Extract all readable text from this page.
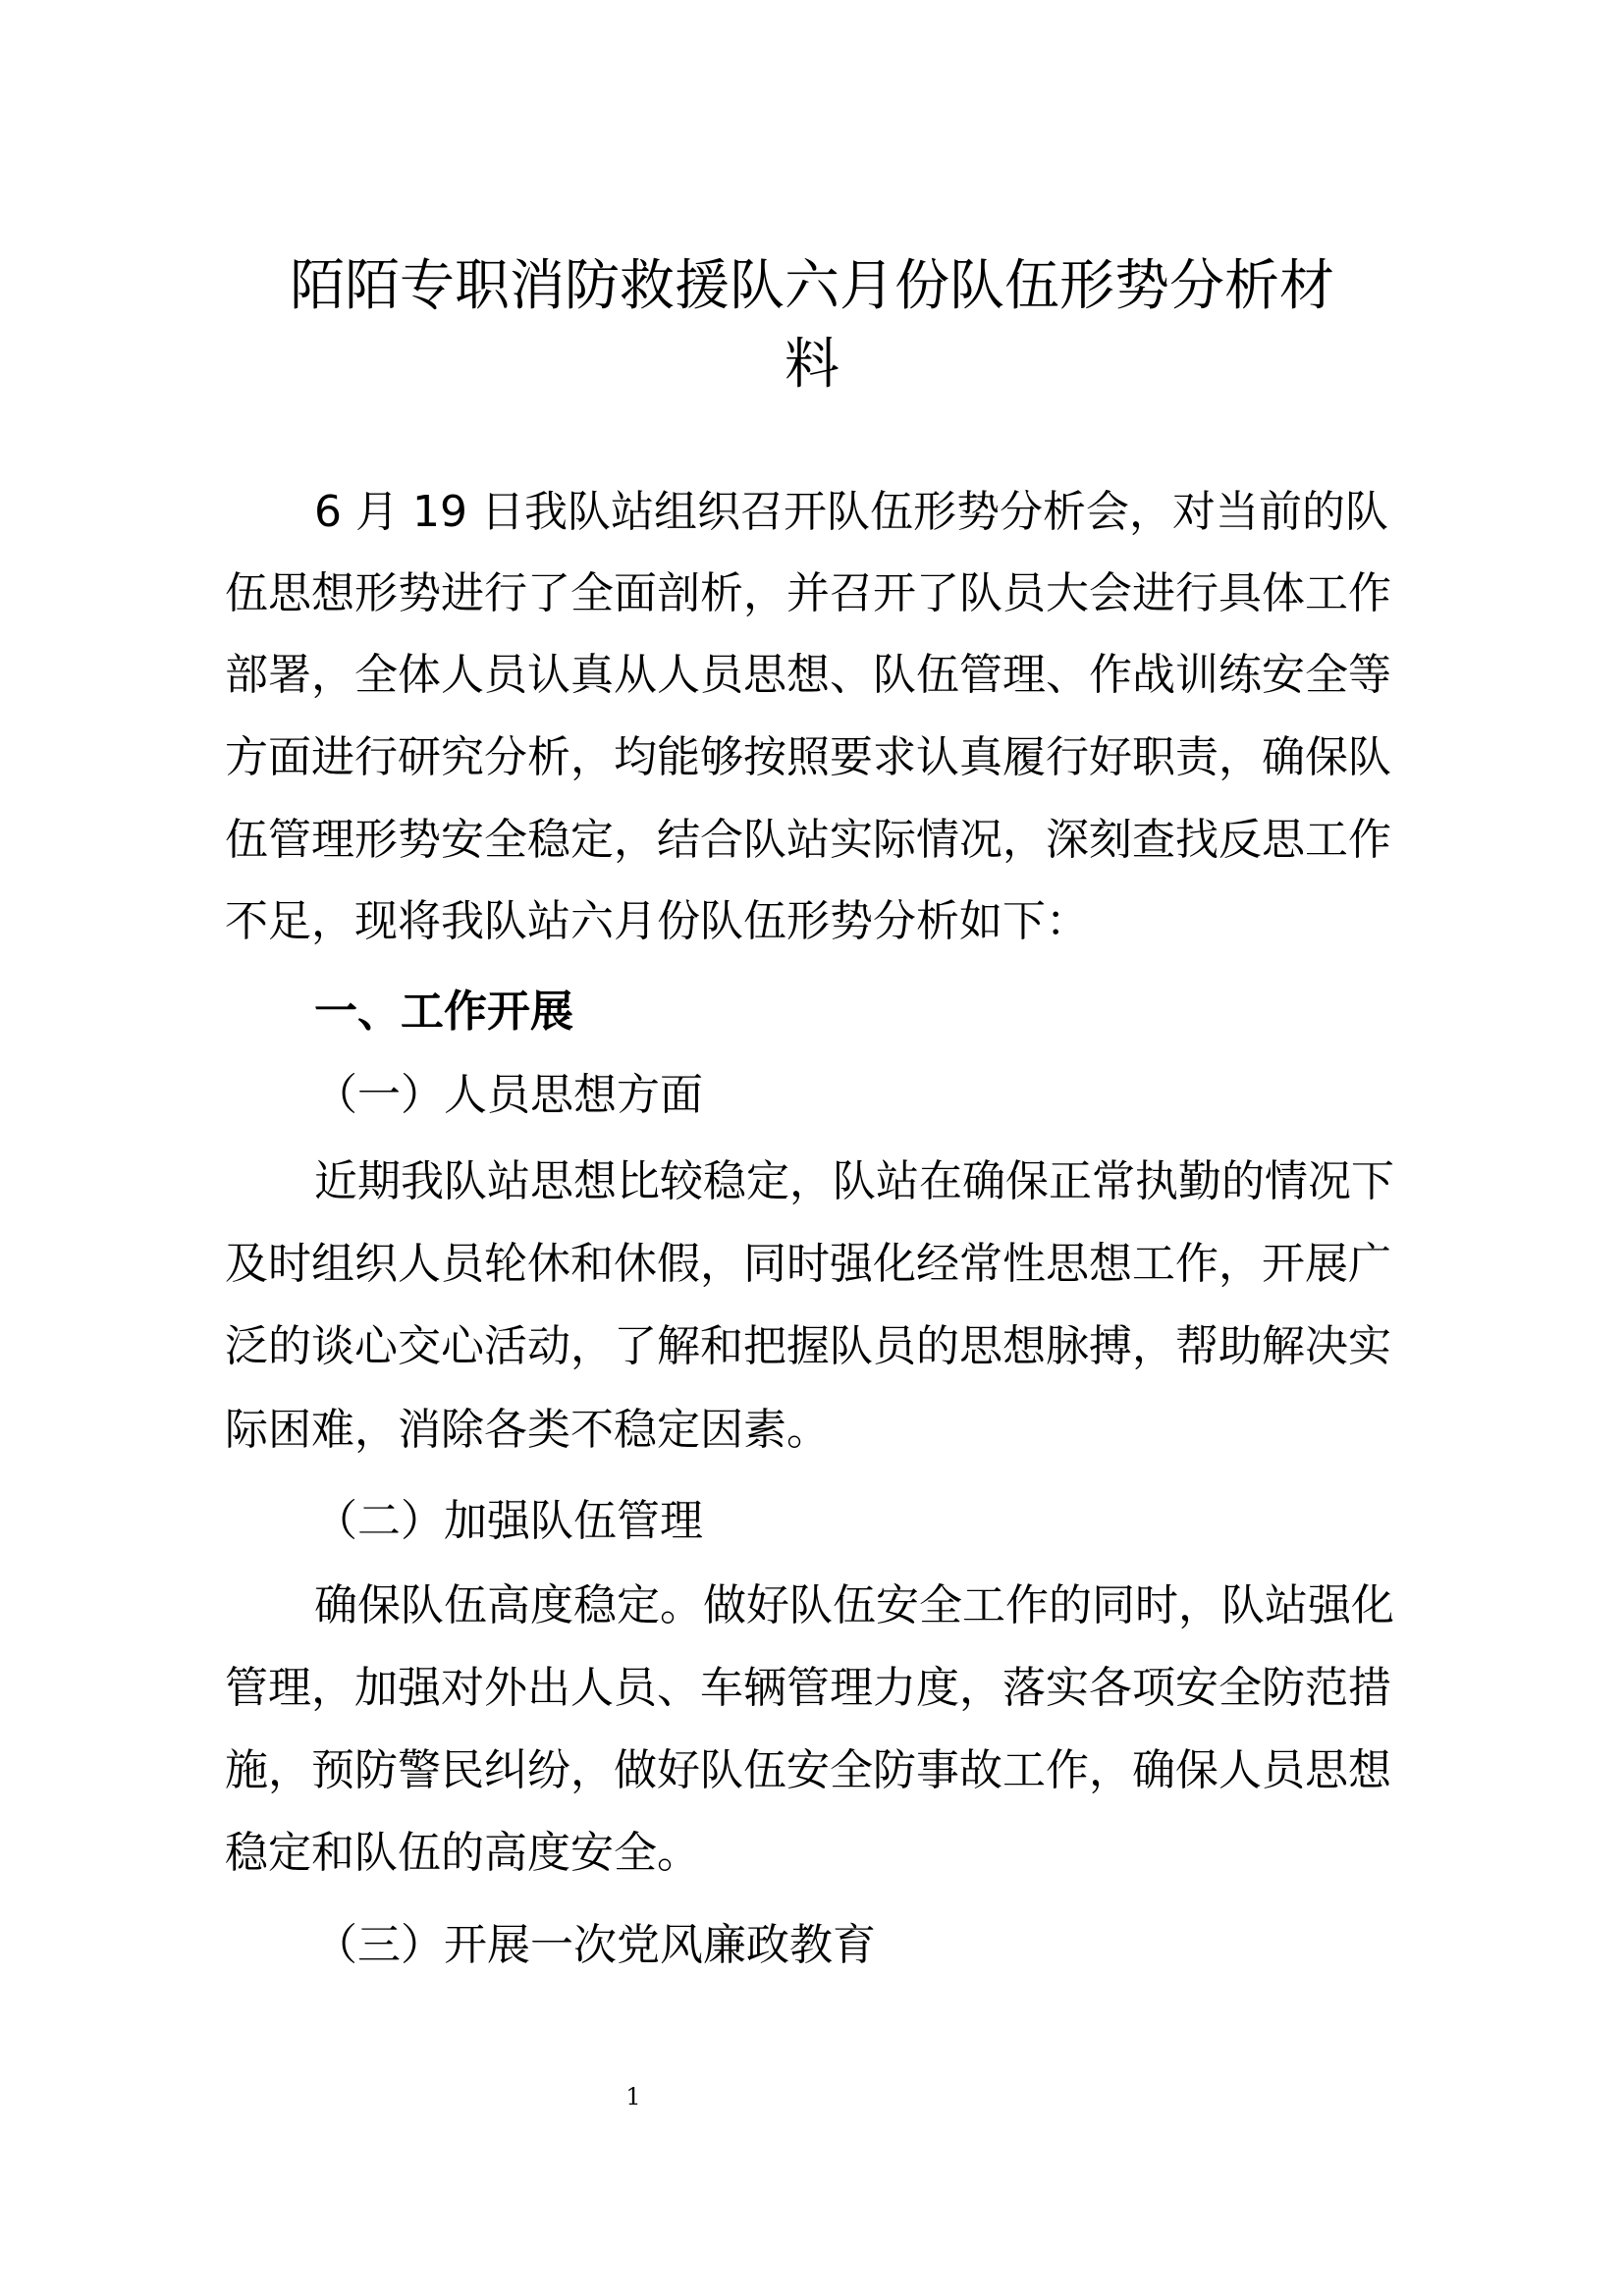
陌陌专职消防救援队六月份队伍形势分析材
料

6 月 19 日我队站组织召开队伍形势分析会，对当前的队

伍思想形势进行了全面剖析，并召开了队员大会进行具体工作

部署，全体人员认真从人员思想、队伍管理、作战训练安全等

方面进行研究分析，均能够按照要求认真履行好职责，确保队

伍管理形势安全稳定，结合队站实际情况，深刻查找反思工作

不足，现将我队站六月份队伍形势分析如下：

一、工作开展

（一）人员思想方面

近期我队站思想比较稳定，队站在确保正常执勤的情况下

及时组织人员轮休和休假，同时强化经常性思想工作，开展广

泛的谈心交心活动，了解和把握队员的思想脉搏，帮助解决实

际困难，消除各类不稳定因素。

（二）加强队伍管理

确保队伍高度稳定。做好队伍安全工作的同时，队站强化

管理，加强对外出人员、车辆管理力度，落实各项安全防范措

施，预防警民纠纷，做好队伍安全防事故工作，确保人员思想

稳定和队伍的高度安全。

（三）开展一次党风廉政教育

1
